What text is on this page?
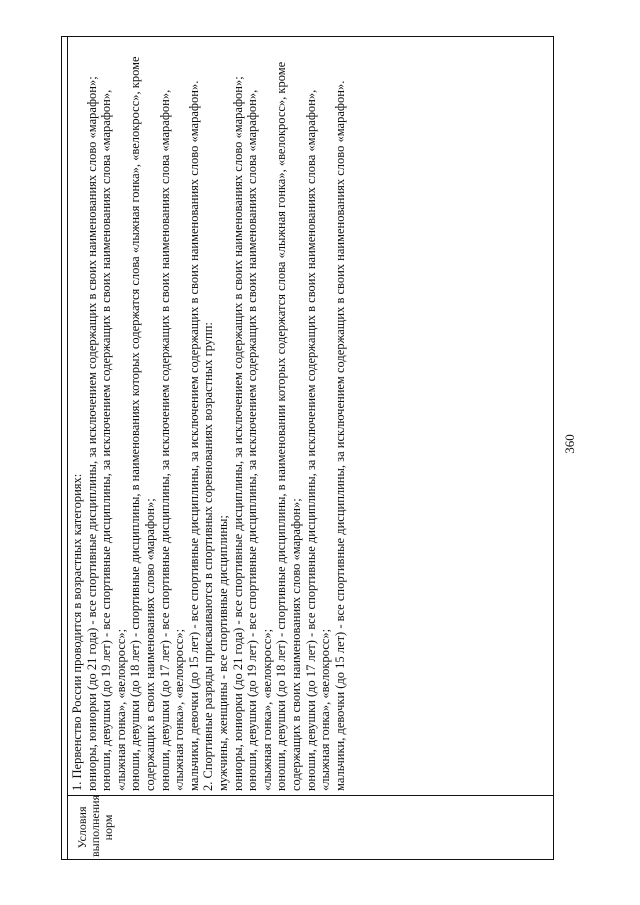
360
Условия выполнения норм
1. Первенство России проводится в возрастных категориях: юниоры, юниорки (до 21 года) - все спортивные дисциплины, за исключением содержащих в своих наименованиях слово «марафон»; юноши, девушки (до 19 лет) - все спортивные дисциплины, за исключением содержащих в своих наименованиях слова «марафон», «лыжная гонка», «велокросс»; юноши, девушки (до 18 лет) - спортивные дисциплины, в наименованиях которых содержатся слова «лыжная гонка», «велокросс», кроме содержащих в своих наименованиях слово «марафон»; юноши, девушки (до 17 лет) - все спортивные дисциплины, за исключением содержащих в своих наименованиях слова «марафон», «лыжная гонка», «велокросс»; мальчики, девочки (до 15 лет) - все спортивные дисциплины, за исключением содержащих в своих наименованиях слово «марафон». 2. Спортивные разряды присваиваются в спортивных соревнованиях возрастных групп: мужчины, женщины - все спортивные дисциплины; юниоры, юниорки (до 21 года) - все спортивные дисциплины, за исключением содержащих в своих наименованиях слово «марафон»; юноши, девушки (до 19 лет) - все спортивные дисциплины, за исключением содержащих в своих наименованиях слова «марафон», «лыжная гонка», «велокросс»; юноши, девушки (до 18 лет) - спортивные дисциплины, в наименовании которых содержатся слова «лыжная гонка», «велокросс», кроме содержащих в своих наименованиях слово «марафон»; юноши, девушки (до 17 лет) - все спортивные дисциплины, за исключением содержащих в своих наименованиях слова «марафон», «лыжная гонка», «велокросс»; мальчики, девочки (до 15 лет) - все спортивные дисциплины, за исключением содержащих в своих наименованиях слово «марафон».
